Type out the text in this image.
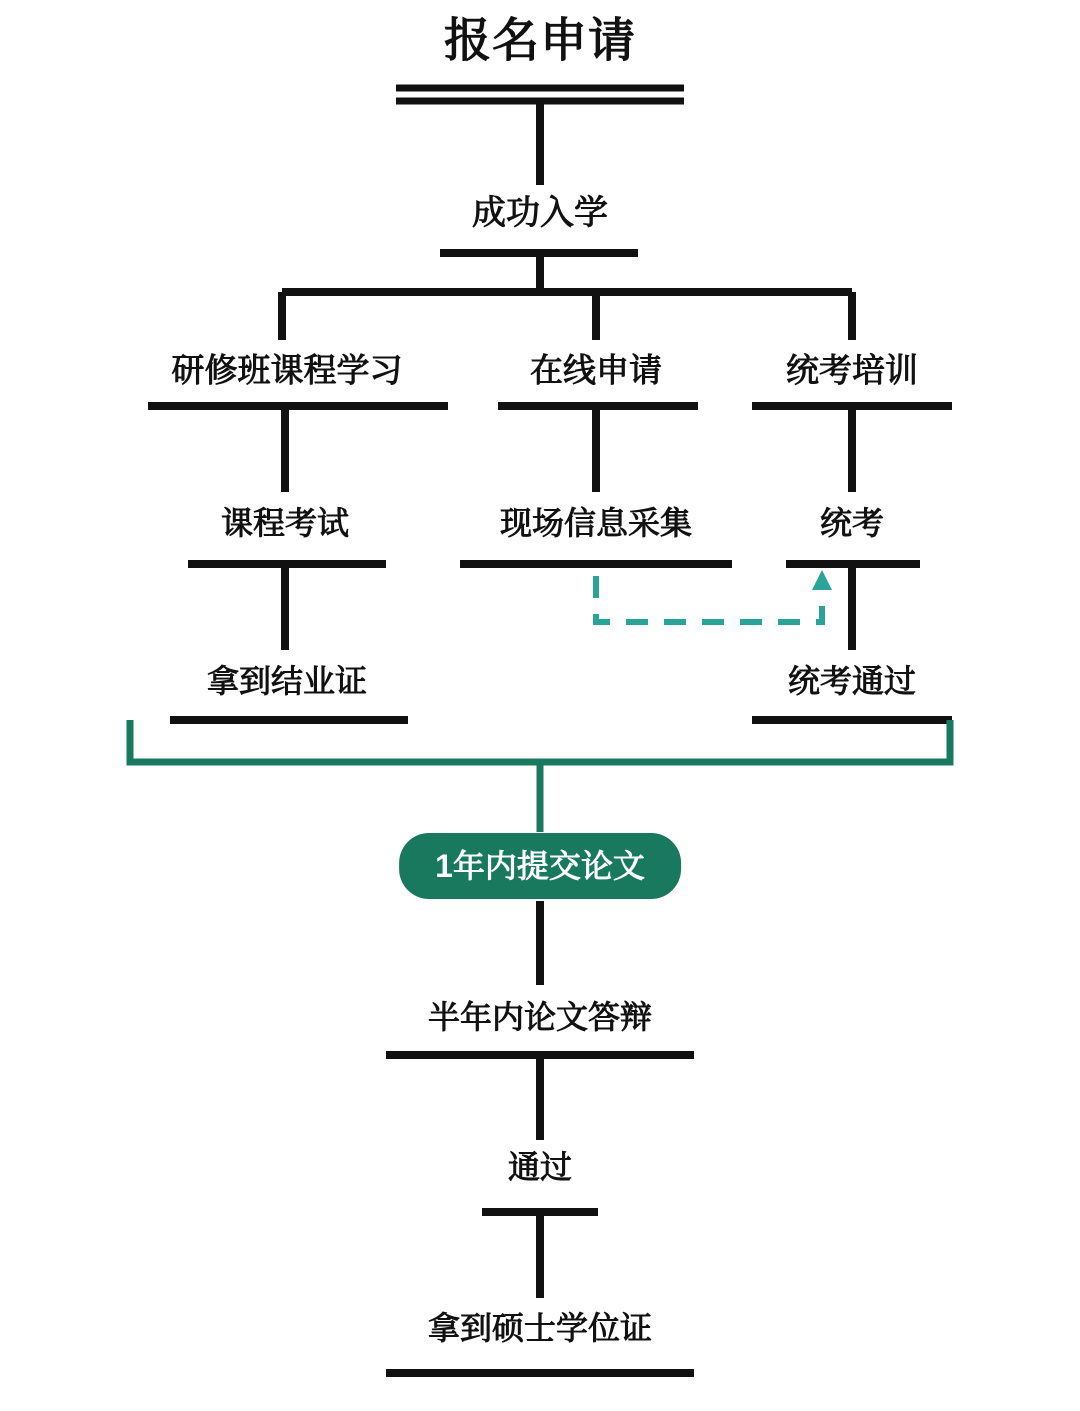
报名申请
成功入学
研修班课程学习	在线申请	统考培训
课程考试	现场信息采集	统考
拿到结业证	统考通过
1年内提交论文
半年内论文答辩
通过
拿到硕士学位证
